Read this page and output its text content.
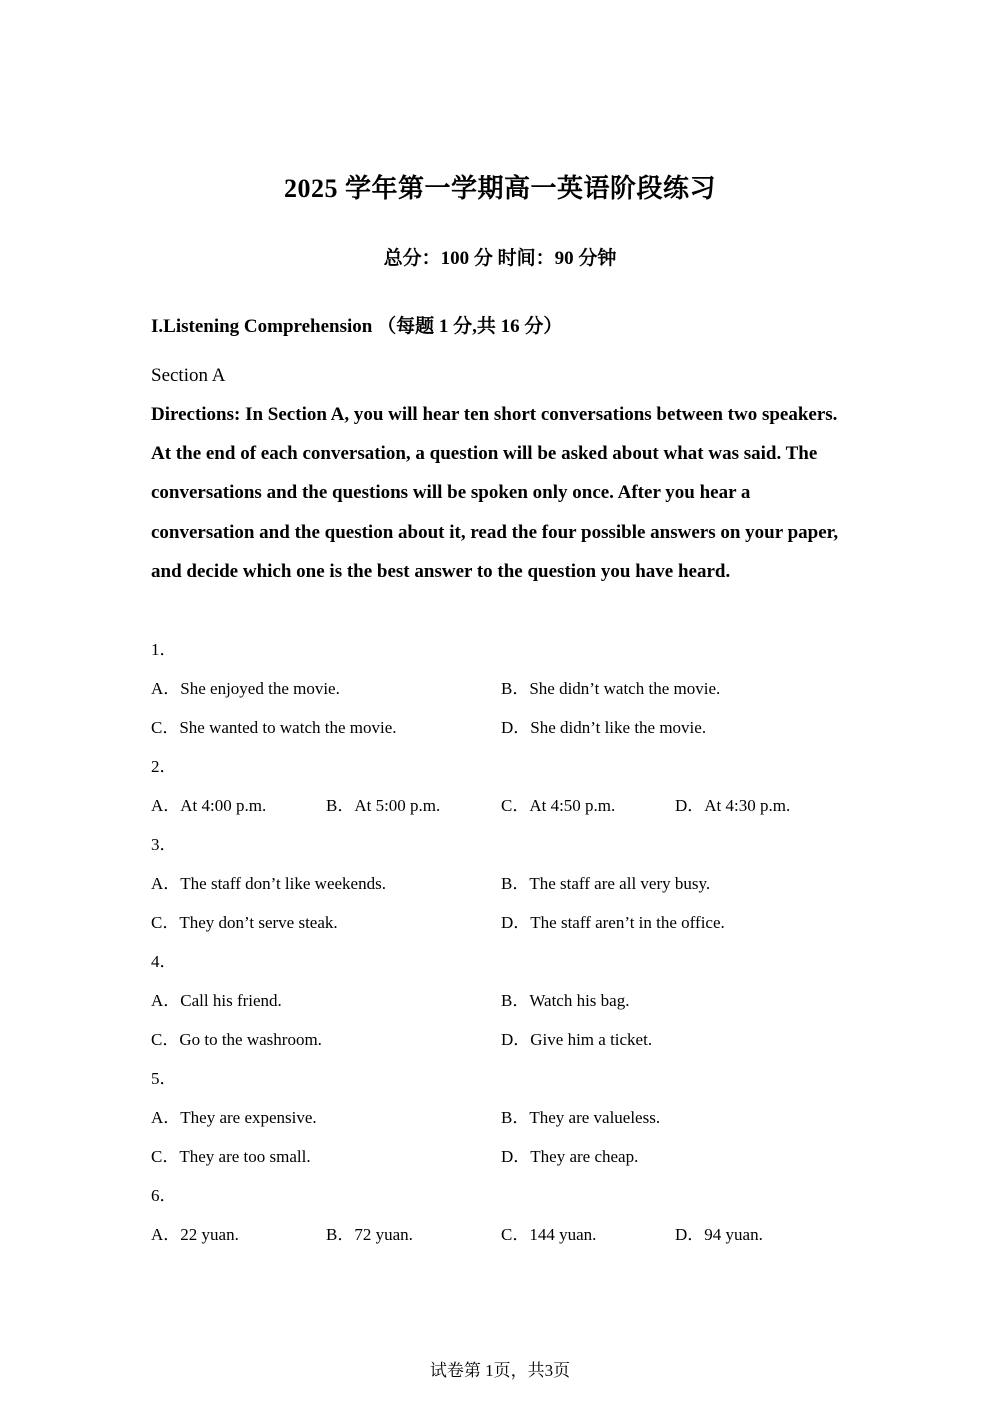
2025 学年第一学期高一英语阶段练习
总分：100 分 时间：90 分钟
I.Listening Comprehension （每题 1 分,共 16 分）
Section A
Directions: In Section A, you will hear ten short conversations between two speakers. At the end of each conversation, a question will be asked about what was said. The conversations and the questions will be spoken only once. After you hear a conversation and the question about it, read the four possible answers on your paper, and decide which one is the best answer to the question you have heard.
1．
A．She enjoyed the movie.	B．She didn’t watch the movie.
C．She wanted to watch the movie.	D．She didn’t like the movie.
2．
A．At 4:00 p.m.	B．At 5:00 p.m.	C．At 4:50 p.m.	D．At 4:30 p.m.
3．
A．The staff don’t like weekends.	B．The staff are all very busy.
C．They don’t serve steak.	D．The staff aren’t in the office.
4．
A．Call his friend.	B．Watch his bag.
C．Go to the washroom.	D．Give him a ticket.
5．
A．They are expensive.	B．They are valueless.
C．They are too small.	D．They are cheap.
6．
A．22 yuan.	B．72 yuan.	C．144 yuan.	D．94 yuan.
试卷第 1页，共3页
